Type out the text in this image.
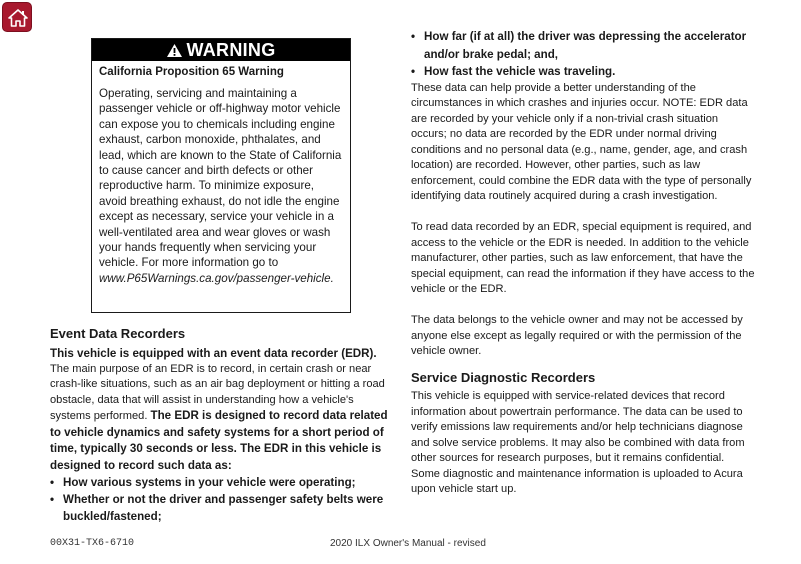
WARNING
California Proposition 65 Warning
Operating, servicing and maintaining a passenger vehicle or off-highway motor vehicle can expose you to chemicals including engine exhaust, carbon monoxide, phthalates, and lead, which are known to the State of California to cause cancer and birth defects or other reproductive harm. To minimize exposure, avoid breathing exhaust, do not idle the engine except as necessary, service your vehicle in a well-ventilated area and wear gloves or wash your hands frequently when servicing your vehicle. For more information go to www.P65Warnings.ca.gov/passenger-vehicle.
Event Data Recorders
This vehicle is equipped with an event data recorder (EDR).

The main purpose of an EDR is to record, in certain crash or near crash-like situations, such as an air bag deployment or hitting a road obstacle, data that will assist in understanding how a vehicle's systems performed. The EDR is designed to record data related to vehicle dynamics and safety systems for a short period of time, typically 30 seconds or less. The EDR in this vehicle is designed to record such data as:

• How various systems in your vehicle were operating;
• Whether or not the driver and passenger safety belts were buckled/fastened;
• How far (if at all) the driver was depressing the accelerator and/or brake pedal; and,
• How fast the vehicle was traveling.

These data can help provide a better understanding of the circumstances in which crashes and injuries occur. NOTE: EDR data are recorded by your vehicle only if a non-trivial crash situation occurs; no data are recorded by the EDR under normal driving conditions and no personal data (e.g., name, gender, age, and crash location) are recorded. However, other parties, such as law enforcement, could combine the EDR data with the type of personally identifying data routinely acquired during a crash investigation.

To read data recorded by an EDR, special equipment is required, and access to the vehicle or the EDR is needed. In addition to the vehicle manufacturer, other parties, such as law enforcement, that have the special equipment, can read the information if they have access to the vehicle or the EDR.

The data belongs to the vehicle owner and may not be accessed by anyone else except as legally required or with the permission of the vehicle owner.

Service Diagnostic Recorders

This vehicle is equipped with service-related devices that record information about powertrain performance. The data can be used to verify emissions law requirements and/or help technicians diagnose and solve service problems. It may also be combined with data from other sources for research purposes, but it remains confidential. Some diagnostic and maintenance information is uploaded to Acura upon vehicle start up.

00X31-TX6-6710	2020 ILX Owner's Manual - revised
